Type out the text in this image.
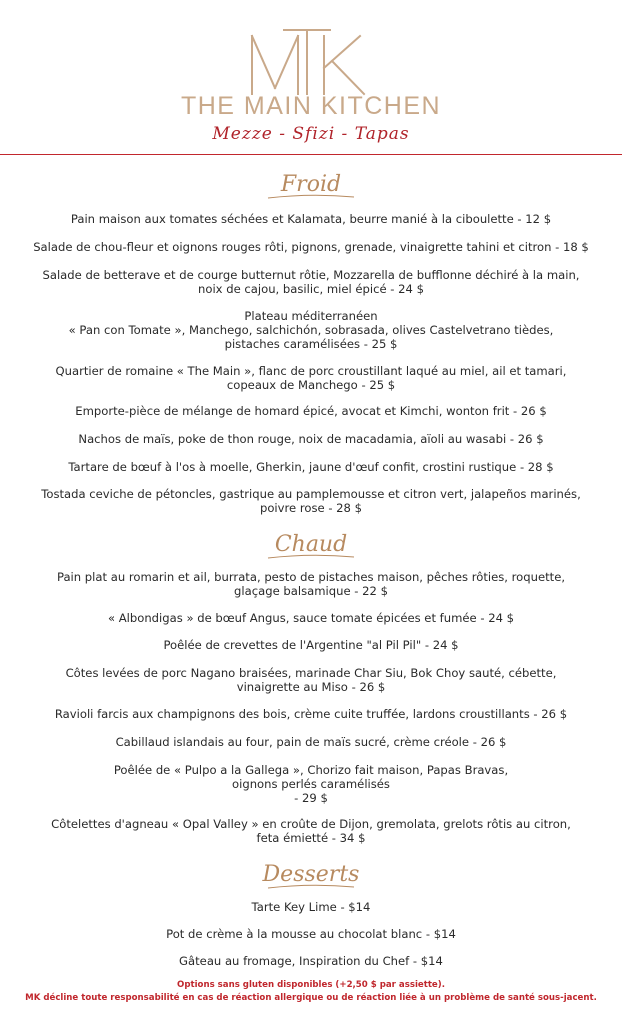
THE MAIN KITCHEN
Mezze - Sfizi - Tapas
Froid
Pain maison aux tomates séchées et Kalamata, beurre manié à la ciboulette - 12 $
Salade de chou-fleur et oignons rouges rôti, pignons, grenade, vinaigrette tahini et citron - 18 $
Salade de betterave et de courge butternut rôtie, Mozzarella de bufflonne déchiré à la main,
noix de cajou, basilic, miel épicé - 24 $
Plateau méditerranéen
« Pan con Tomate », Manchego, salchichón, sobrasada, olives Castelvetrano tièdes,
pistaches caramélisées - 25 $
Quartier de romaine « The Main », flanc de porc croustillant laqué au miel, ail et tamari,
copeaux de Manchego - 25 $
Emporte-pièce de mélange de homard épicé, avocat et Kimchi, wonton frit - 26 $
Nachos de maïs, poke de thon rouge, noix de macadamia, aïoli au wasabi - 26 $
Tartare de bœuf à l'os à moelle, Gherkin, jaune d'œuf confit, crostini rustique - 28 $
Tostada ceviche de pétoncles, gastrique au pamplemousse et citron vert, jalapeños marinés,
poivre rose - 28 $
Chaud
Pain plat au romarin et ail, burrata, pesto de pistaches maison, pêches rôties, roquette,
glaçage balsamique - 22 $
« Albondigas » de bœuf Angus, sauce tomate épicées et fumée - 24 $
Poêlée de crevettes de l'Argentine "al Pil Pil" - 24 $
Côtes levées de porc Nagano braisées, marinade Char Siu, Bok Choy sauté, cébette,
vinaigrette au Miso - 26 $
Ravioli farcis aux champignons des bois, crème cuite truffée, lardons croustillants - 26 $
Cabillaud islandais au four, pain de maïs sucré, crème créole - 26 $
Poêlée de « Pulpo a la Gallega », Chorizo fait maison, Papas Bravas,
oignons perlés caramélisés
- 29 $
Côtelettes d'agneau « Opal Valley » en croûte de Dijon, gremolata, grelots rôtis au citron,
feta émietté - 34 $
Desserts
Tarte Key Lime - $14
Pot de crème à la mousse au chocolat blanc - $14
Gâteau au fromage, Inspiration du Chef - $14
Options sans gluten disponibles (+2,50 $ par assiette).
MK décline toute responsabilité en cas de réaction allergique ou de réaction liée à un problème de santé sous-jacent.
